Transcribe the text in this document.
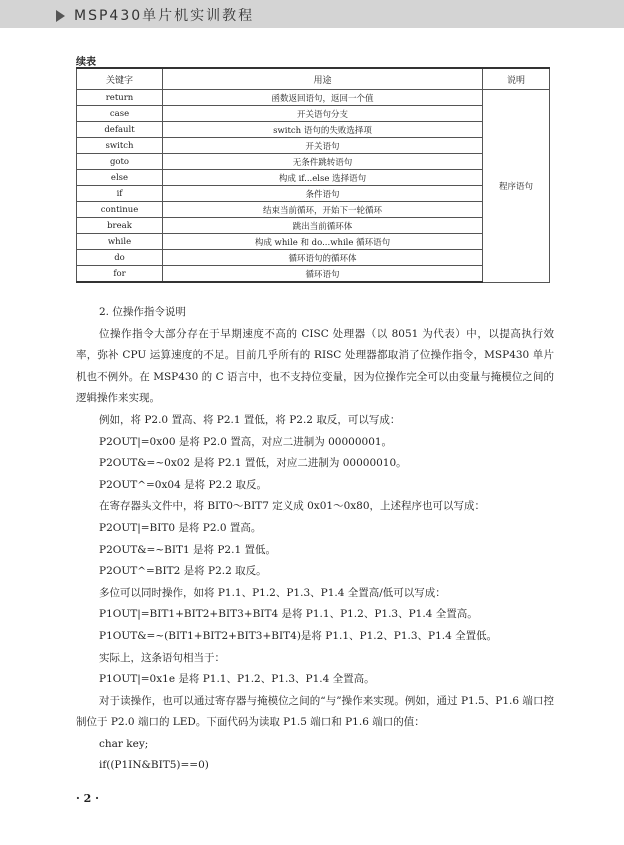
MSP430单片机实训教程
续表
关键字	用途	说明
return	函数返回语句，返回一个值	程序语句
case	开关语句分支	
default	switch 语句的失败选择项	
switch	开关语句	
goto	无条件跳转语句	
else	构成 if...else 选择语句	
if	条件语句	
continue	结束当前循环，开始下一轮循环	
break	跳出当前循环体	
while	构成 while 和 do...while 循环语句	
do	循环语句的循环体	
for	循环语句	

2. 位操作指令说明

位操作指令大部分存在于早期速度不高的 CISC 处理器（以 8051 为代表）中，以提高执行效率，弥补 CPU 运算速度的不足。目前几乎所有的 RISC 处理器都取消了位操作指令，MSP430 单片机也不例外。在 MSP430 的 C 语言中，也不支持位变量，因为位操作完全可以由变量与掩模位之间的逻辑操作来实现。

例如，将 P2.0 置高、将 P2.1 置低，将 P2.2 取反，可以写成：

P2OUT|=0x00 是将 P2.0 置高，对应二进制为 00000001。

P2OUT&=~0x02 是将 P2.1 置低，对应二进制为 00000010。

P2OUT^=0x04 是将 P2.2 取反。

在寄存器头文件中，将 BIT0～BIT7 定义成 0x01～0x80，上述程序也可以写成：

P2OUT|=BIT0 是将 P2.0 置高。

P2OUT&=~BIT1 是将 P2.1 置低。

P2OUT^=BIT2 是将 P2.2 取反。

多位可以同时操作，如将 P1.1、P1.2、P1.3、P1.4 全置高/低可以写成：

P1OUT|=BIT1+BIT2+BIT3+BIT4 是将 P1.1、P1.2、P1.3、P1.4 全置高。

P1OUT&=~(BIT1+BIT2+BIT3+BIT4)是将 P1.1、P1.2、P1.3、P1.4 全置低。

实际上，这条语句相当于：

P1OUT|=0x1e 是将 P1.1、P1.2、P1.3、P1.4 全置高。

对于读操作，也可以通过寄存器与掩模位之间的“与”操作来实现。例如，通过 P1.5、P1.6 端口控制位于 P2.0 端口的 LED。下面代码为读取 P1.5 端口和 P1.6 端口的值：

char key;

if((P1IN&BIT5)==0)

· 2 ·
